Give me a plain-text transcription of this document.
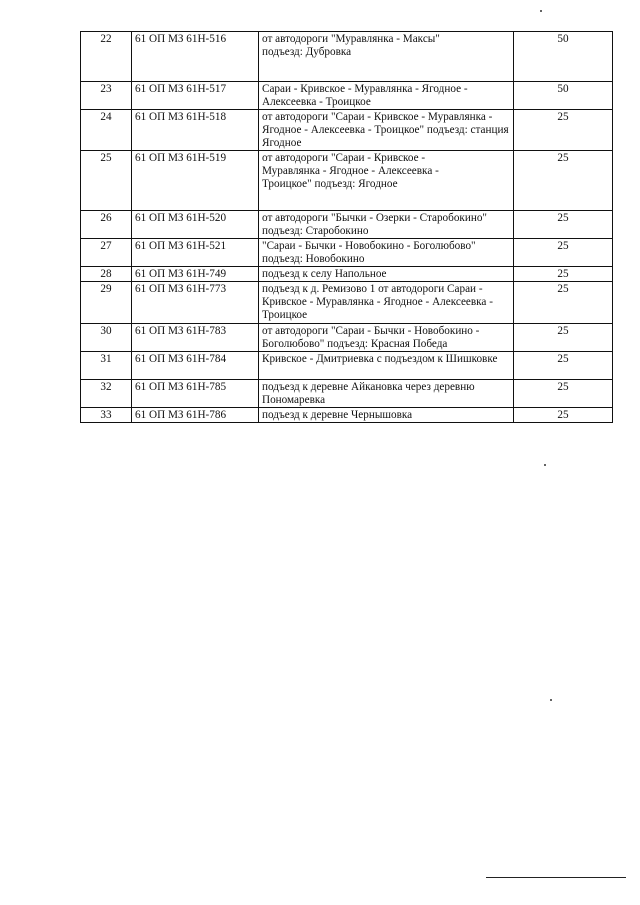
22	61 ОП МЗ 61Н-516	от автодороги "Муравлянка - Максы" подъезд: Дубровка	50
23	61 ОП МЗ 61Н-517	Сараи - Кривское - Муравлянка - Ягодное - Алексеевка - Троицкое	50
24	61 ОП МЗ 61Н-518	от автодороги "Сараи - Кривское - Муравлянка - Ягодное - Алексеевка - Троицкое" подъезд: станция Ягодное	25
25	61 ОП МЗ 61Н-519	от автодороги "Сараи - Кривское - Муравлянка - Ягодное - Алексеевка - Троицкое" подъезд: Ягодное	25
26	61 ОП МЗ 61Н-520	от автодороги "Бычки - Озерки - Старобокино" подъезд: Старобокино	25
27	61 ОП МЗ 61Н-521	"Сараи - Бычки - Новобокино - Боголюбово" подъезд: Новобокино	25
28	61 ОП МЗ 61Н-749	подъезд к селу Напольное	25
29	61 ОП МЗ 61Н-773	подъезд к д. Ремизово 1 от автодороги Сараи - Кривское - Муравлянка - Ягодное - Алексеевка - Троицкое	25
30	61 ОП МЗ 61Н-783	от автодороги "Сараи - Бычки - Новобокино - Боголюбово" подъезд: Красная Победа	25
31	61 ОП МЗ 61Н-784	Кривское - Дмитриевка с подъездом к Шишковке	25
32	61 ОП МЗ 61Н-785	подъезд к деревне Айкановка через деревню Пономаревка	25
33	61 ОП МЗ 61Н-786	подъезд к деревне Чернышовка	25
